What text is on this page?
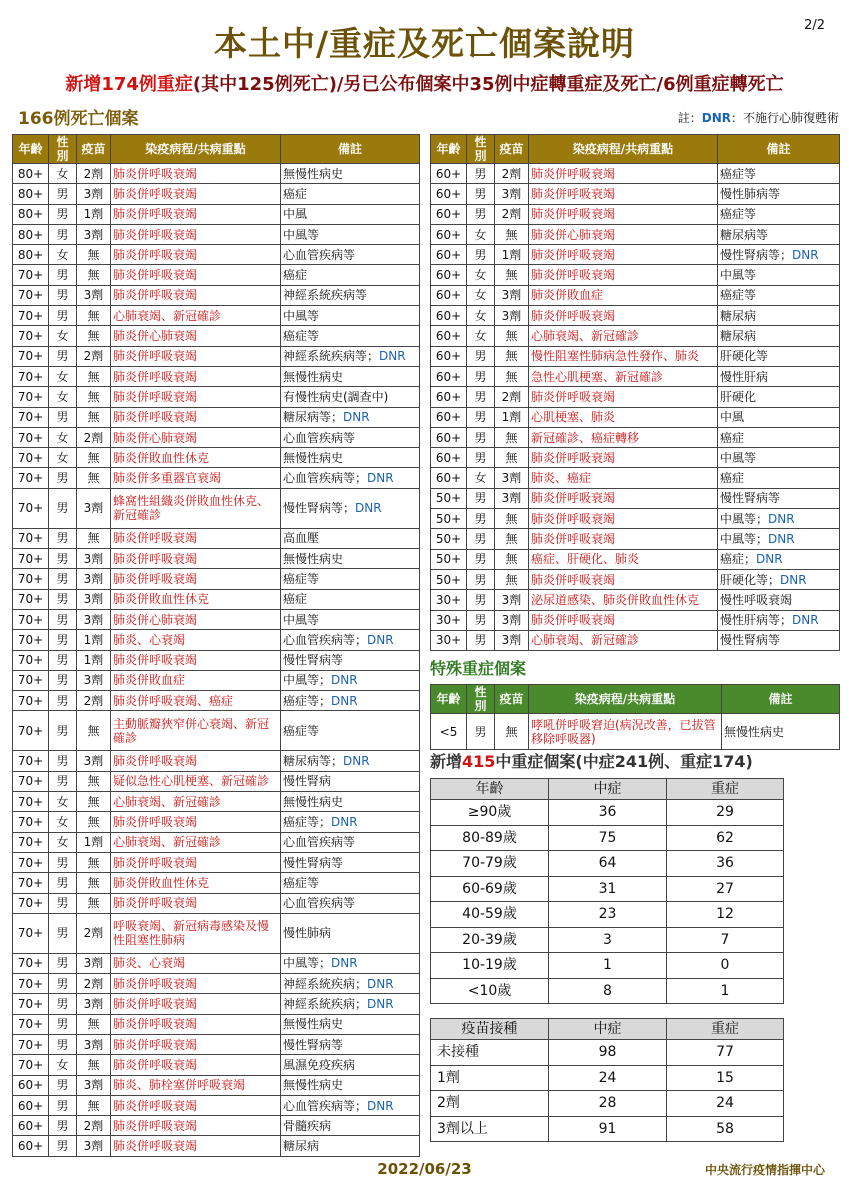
2/2
本土中/重症及死亡個案說明
新增174例重症(其中125例死亡)/另已公布個案中35例中症轉重症及死亡/6例重症轉死亡
166例死亡個案	註：DNR：不施行心肺復甦術
年齡	性別	疫苗	染疫病程/共病重點	備註
80+	女	2劑	肺炎併呼吸衰竭	無慢性病史
80+	男	3劑	肺炎併呼吸衰竭	癌症
80+	男	1劑	肺炎併呼吸衰竭	中風
80+	男	3劑	肺炎併呼吸衰竭	中風等
80+	女	無	肺炎併呼吸衰竭	心血管疾病等
70+	男	無	肺炎併呼吸衰竭	癌症
70+	男	3劑	肺炎併呼吸衰竭	神經系統疾病等
70+	男	無	心肺衰竭、新冠確診	中風等
70+	女	無	肺炎併心肺衰竭	癌症等
70+	男	2劑	肺炎併呼吸衰竭	神經系統疾病等；DNR
70+	女	無	肺炎併呼吸衰竭	無慢性病史
70+	女	無	肺炎併呼吸衰竭	有慢性病史(調查中)
70+	男	無	肺炎併呼吸衰竭	糖尿病等；DNR
70+	女	2劑	肺炎併心肺衰竭	心血管疾病等
70+	女	無	肺炎併敗血性休克	無慢性病史
70+	男	無	肺炎併多重器官衰竭	心血管疾病等；DNR
70+	男	3劑	蜂窩性組織炎併敗血性休克、新冠確診	慢性腎病等；DNR
70+	男	無	肺炎併呼吸衰竭	高血壓
70+	男	3劑	肺炎併呼吸衰竭	無慢性病史
70+	男	3劑	肺炎併呼吸衰竭	癌症等
70+	男	3劑	肺炎併敗血性休克	癌症
70+	男	3劑	肺炎併心肺衰竭	中風等
70+	男	1劑	肺炎、心衰竭	心血管疾病等；DNR
70+	男	1劑	肺炎併呼吸衰竭	慢性腎病等
70+	男	3劑	肺炎併敗血症	中風等；DNR
70+	男	2劑	肺炎併呼吸衰竭、癌症	癌症等；DNR
70+	男	無	主動脈瓣狹窄併心衰竭、新冠確診	癌症等
70+	男	3劑	肺炎併呼吸衰竭	糖尿病等；DNR
70+	男	無	疑似急性心肌梗塞、新冠確診	慢性腎病
70+	女	無	心肺衰竭、新冠確診	無慢性病史
70+	女	無	肺炎併呼吸衰竭	癌症等；DNR
70+	女	1劑	心肺衰竭、新冠確診	心血管疾病等
70+	男	無	肺炎併呼吸衰竭	慢性腎病等
70+	男	無	肺炎併敗血性休克	癌症等
70+	男	無	肺炎併呼吸衰竭	心血管疾病等
70+	男	2劑	呼吸衰竭、新冠病毒感染及慢性阻塞性肺病	慢性肺病
70+	男	3劑	肺炎、心衰竭	中風等；DNR
70+	男	2劑	肺炎併呼吸衰竭	神經系統疾病；DNR
70+	男	3劑	肺炎併呼吸衰竭	神經系統疾病；DNR
70+	男	無	肺炎併呼吸衰竭	無慢性病史
70+	男	3劑	肺炎併呼吸衰竭	慢性腎病等
70+	女	無	肺炎併呼吸衰竭	風濕免疫疾病
60+	男	3劑	肺炎、肺栓塞併呼吸衰竭	無慢性病史
60+	男	無	肺炎併呼吸衰竭	心血管疾病等；DNR
60+	男	2劑	肺炎併呼吸衰竭	骨髓疾病
60+	男	3劑	肺炎併呼吸衰竭	糖尿病
年齡	性別	疫苗	染疫病程/共病重點	備註
60+	男	2劑	肺炎併呼吸衰竭	癌症等
60+	男	3劑	肺炎併呼吸衰竭	慢性肺病等
60+	男	2劑	肺炎併呼吸衰竭	癌症等
60+	女	無	肺炎併心肺衰竭	糖尿病等
60+	男	1劑	肺炎併呼吸衰竭	慢性腎病等；DNR
60+	女	無	肺炎併呼吸衰竭	中風等
60+	女	3劑	肺炎併敗血症	癌症等
60+	女	3劑	肺炎併呼吸衰竭	糖尿病
60+	女	無	心肺衰竭、新冠確診	糖尿病
60+	男	無	慢性阻塞性肺病急性發作、肺炎	肝硬化等
60+	男	無	急性心肌梗塞、新冠確診	慢性肝病
60+	男	2劑	肺炎併呼吸衰竭	肝硬化
60+	男	1劑	心肌梗塞、肺炎	中風
60+	男	無	新冠確診、癌症轉移	癌症
60+	男	無	肺炎併呼吸衰竭	中風等
60+	女	3劑	肺炎、癌症	癌症
50+	男	3劑	肺炎併呼吸衰竭	慢性腎病等
50+	男	無	肺炎併呼吸衰竭	中風等；DNR
50+	男	無	肺炎併呼吸衰竭	中風等；DNR
50+	男	無	癌症、肝硬化、肺炎	癌症；DNR
50+	男	無	肺炎併呼吸衰竭	肝硬化等；DNR
30+	男	3劑	泌尿道感染、肺炎併敗血性休克	慢性呼吸衰竭
30+	男	3劑	肺炎併呼吸衰竭	慢性肝病等；DNR
30+	男	3劑	心肺衰竭、新冠確診	慢性腎病等
特殊重症個案
年齡	性別	疫苗	染疫病程/共病重點	備註
<5	男	無	哮吼併呼吸窘迫(病況改善，已拔管移除呼吸器)	無慢性病史
新增415中重症個案(中症241例、重症174)
年齡	中症	重症
≥90歲	36	29
80-89歲	75	62
70-79歲	64	36
60-69歲	31	27
40-59歲	23	12
20-39歲	3	7
10-19歲	1	0
<10歲	8	1
疫苗接種	中症	重症
未接種	98	77
1劑	24	15
2劑	28	24
3劑以上	91	58
2022/06/23	中央流行疫情指揮中心
